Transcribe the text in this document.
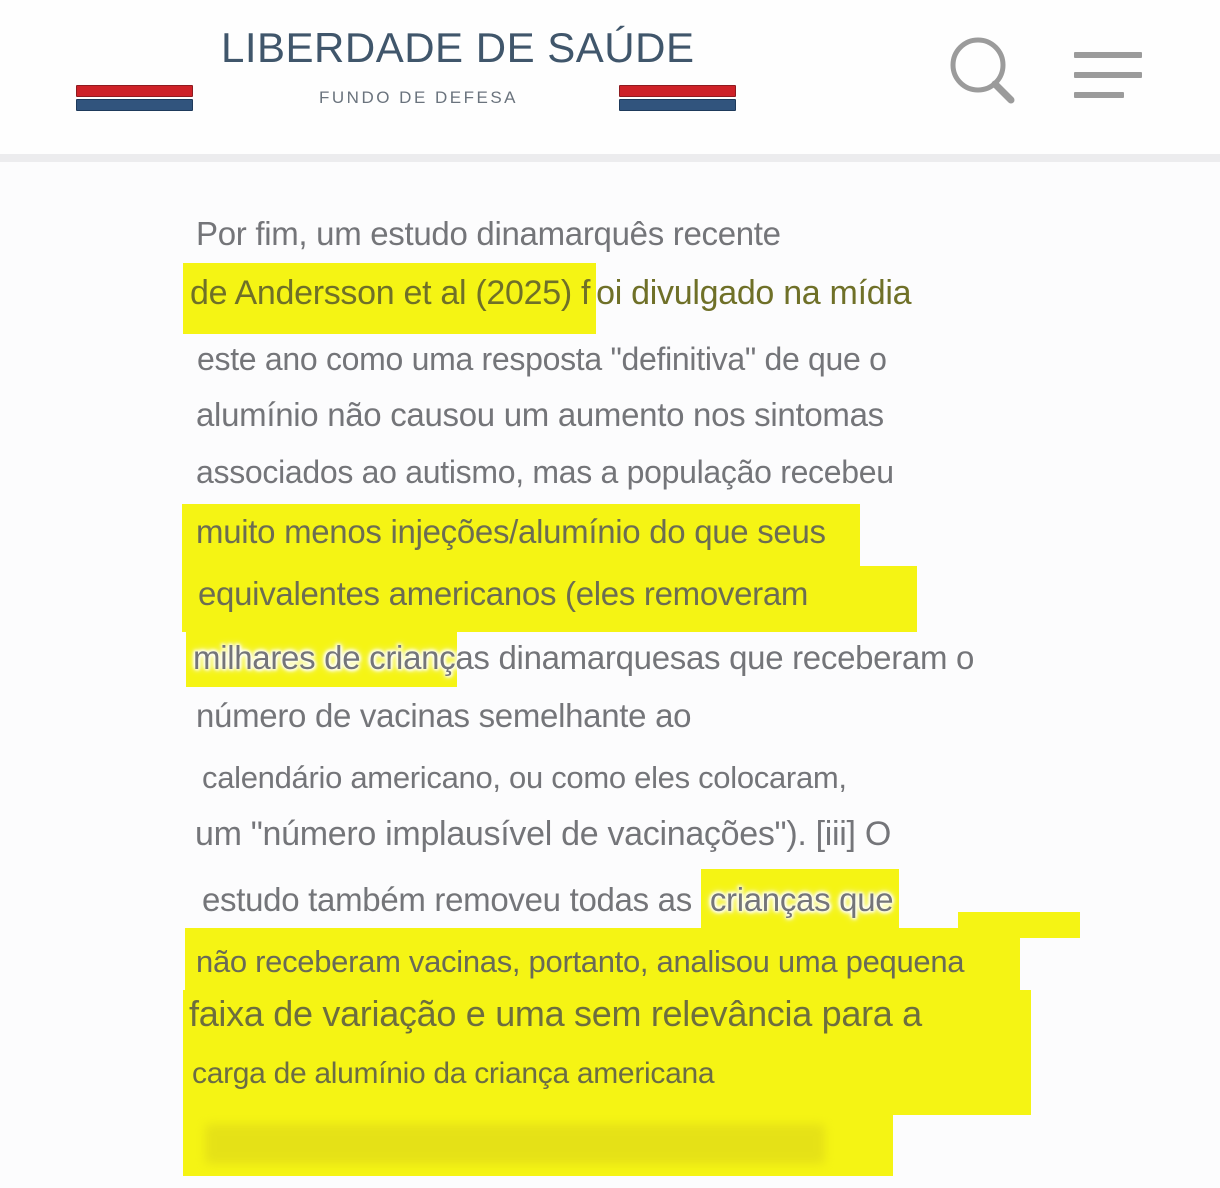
LIBERDADE DE SAÚDE
FUNDO DE DEFESA

Por fim, um estudo dinamarquês recente

de Andersson et al (2025) f oi divulgado na mídia

este ano como uma resposta "definitiva" de que o

alumínio não causou um aumento nos sintomas

associados ao autismo, mas a população recebeu

muito menos injeções/alumínio do que seus

equivalentes americanos (eles removeram

milhares de crianças dinamarquesas que receberam o

número de vacinas semelhante ao

calendário americano, ou como eles colocaram,

um "número implausível de vacinações"). [iii] O

estudo também removeu todas as crianças que

não receberam vacinas, portanto, analisou uma pequena

faixa de variação e uma sem relevância para a

carga de alumínio da criança americana
